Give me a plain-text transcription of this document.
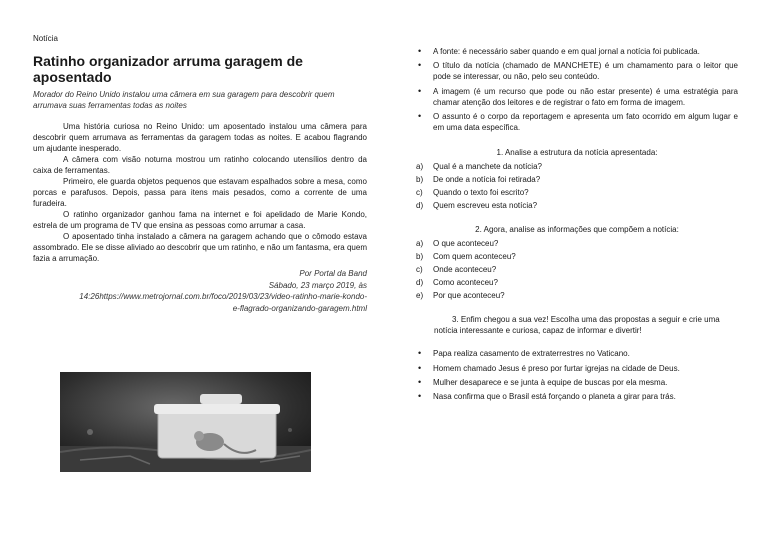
Notícia
Ratinho organizador arruma garagem de aposentado
Morador do Reino Unido instalou uma câmera em sua garagem para descobrir quem arrumava suas ferramentas todas as noites

Uma história curiosa no Reino Unido: um aposentado instalou uma câmera para descobrir quem arrumava as ferramentas da garagem todas as noites. E acabou flagrando um ajudante inesperado.

A câmera com visão noturna mostrou um ratinho colocando utensílios dentro da caixa de ferramentas.

Primeiro, ele guarda objetos pequenos que estavam espalhados sobre a mesa, como porcas e parafusos. Depois, passa para itens mais pesados, como a corrente de uma furadeira.

O ratinho organizador ganhou fama na internet e foi apelidado de Marie Kondo, estrela de um programa de TV que ensina as pessoas como arrumar a casa.

O aposentado tinha instalado a câmera na garagem achando que o cômodo estava assombrado. Ele se disse aliviado ao descobrir que um ratinho, e não um fantasma, era quem fazia a arrumação.

Por Portal da Band
Sábado, 23 março 2019, às
14:26https://www.metrojornal.com.br/foco/2019/03/23/video-ratinho-marie-kondo-e-flagrado-organizando-garagem.html
• A fonte: é necessário saber quando e em qual jornal a notícia foi publicada.
• O título da notícia (chamado de MANCHETE) é um chamamento para o leitor que pode se interessar, ou não, pelo seu conteúdo.
• A imagem (é um recurso que pode ou não estar presente) é uma estratégia para chamar atenção dos leitores e de registrar o fato em forma de imagem.
• O assunto é o corpo da reportagem e apresenta um fato ocorrido em algum lugar e em uma data específica.
1. Analise a estrutura da notícia apresentada:
a)	Qual é a manchete da notícia?
b)	De onde a notícia foi retirada?
c)	Quando o texto foi escrito?
d)	Quem escreveu esta notícia?
2. Agora, analise as informações que compõem a notícia:
a)	O que aconteceu?
b)	Com quem aconteceu?
c)	Onde aconteceu?
d)	Como aconteceu?
e)	Por que aconteceu?
3. Enfim chegou a sua vez! Escolha uma das propostas a seguir e crie uma notícia interessante e curiosa, capaz de informar e divertir!
• Papa realiza casamento de extraterrestres no Vaticano.
• Homem chamado Jesus é preso por furtar igrejas na cidade de Deus.
• Mulher desaparece e se junta à equipe de buscas por ela mesma.
• Nasa confirma que o Brasil está forçando o planeta a girar para trás.
